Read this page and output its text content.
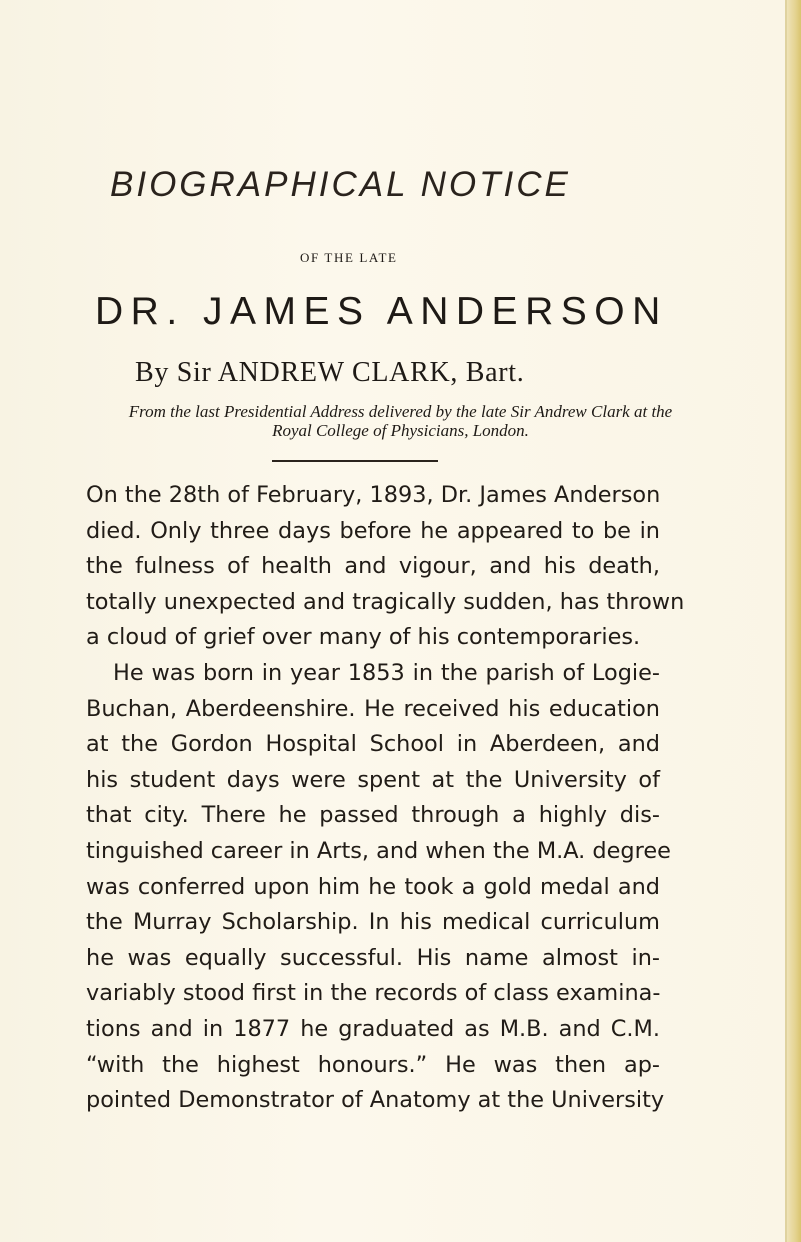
BIOGRAPHICAL NOTICE
OF THE LATE
DR. JAMES ANDERSON
By Sir ANDREW CLARK, Bart.
From the last Presidential Address delivered by the late Sir Andrew Clark at the
Royal College of Physicians, London.

On the 28th of February, 1893, Dr. James Anderson
died. Only three days before he appeared to be in
the fulness of health and vigour, and his death,
totally unexpected and tragically sudden, has thrown
a cloud of grief over many of his contemporaries.

He was born in year 1853 in the parish of Logie-
Buchan, Aberdeenshire. He received his education
at the Gordon Hospital School in Aberdeen, and
his student days were spent at the University of
that city. There he passed through a highly dis-
tinguished career in Arts, and when the M.A. degree
was conferred upon him he took a gold medal and
the Murray Scholarship. In his medical curriculum
he was equally successful. His name almost in-
variably stood first in the records of class examina-
tions and in 1877 he graduated as M.B. and C.M.
“with the highest honours.” He was then ap-
pointed Demonstrator of Anatomy at the University
